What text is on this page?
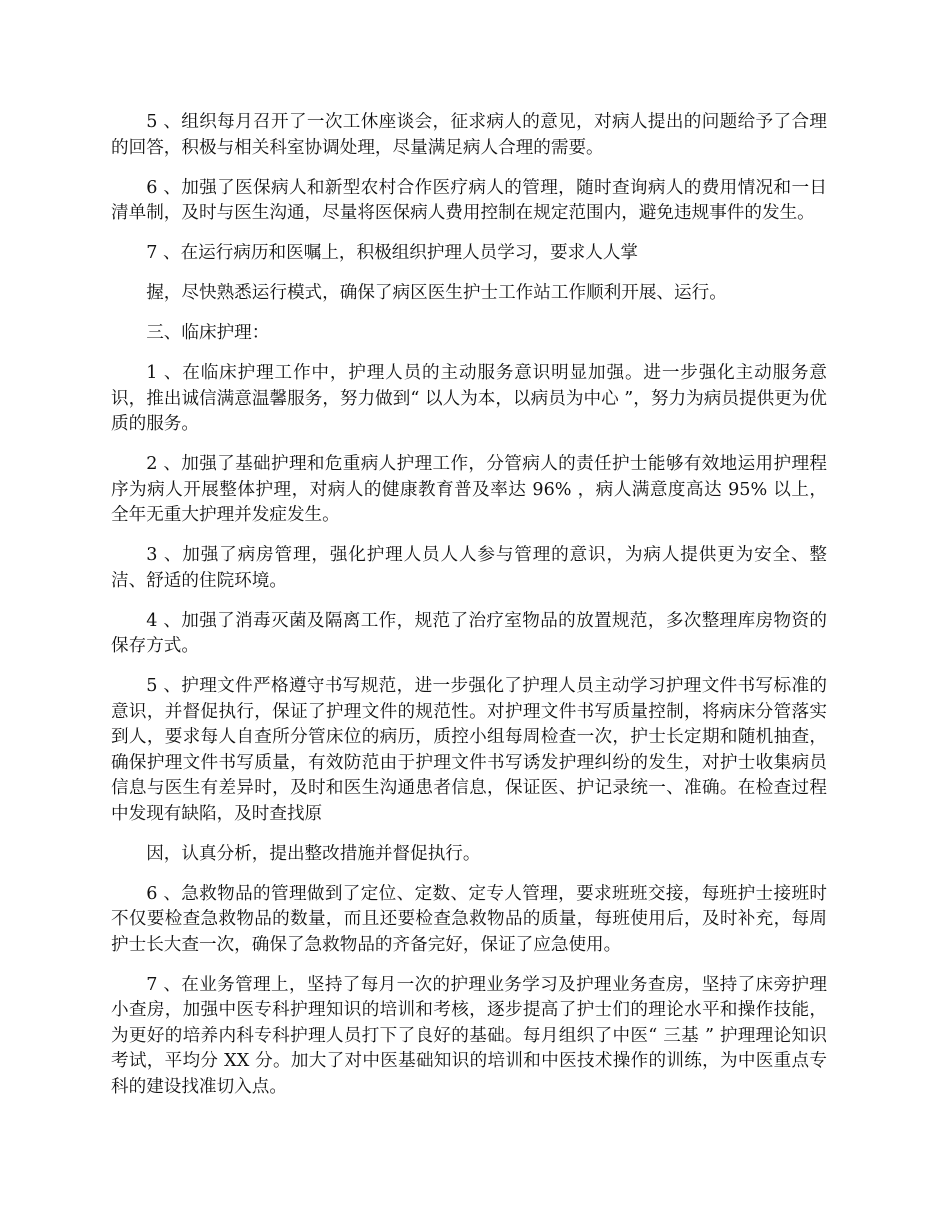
5 、组织每月召开了一次工休座谈会，征求病人的意见，对病人提出的问题给予了合理的回答，积极与相关科室协调处理，尽量满足病人合理的需要。

6 、加强了医保病人和新型农村合作医疗病人的管理，随时查询病人的费用情况和一日清单制，及时与医生沟通，尽量将医保病人费用控制在规定范围内，避免违规事件的发生。

7 、在运行病历和医嘱上，积极组织护理人员学习，要求人人掌

握，尽快熟悉运行模式，确保了病区医生护士工作站工作顺利开展、运行。

三、临床护理：

1 、在临床护理工作中，护理人员的主动服务意识明显加强。进一步强化主动服务意识，推出诚信满意温馨服务，努力做到“ 以人为本，以病员为中心 ”，努力为病员提供更为优质的服务。

2 、加强了基础护理和危重病人护理工作，分管病人的责任护士能够有效地运用护理程序为病人开展整体护理，对病人的健康教育普及率达 96% ，病人满意度高达 95% 以上，全年无重大护理并发症发生。

3 、加强了病房管理，强化护理人员人人参与管理的意识，为病人提供更为安全、整洁、舒适的住院环境。

4 、加强了消毒灭菌及隔离工作，规范了治疗室物品的放置规范，多次整理库房物资的保存方式。

5 、护理文件严格遵守书写规范，进一步强化了护理人员主动学习护理文件书写标准的意识，并督促执行，保证了护理文件的规范性。对护理文件书写质量控制，将病床分管落实到人，要求每人自查所分管床位的病历，质控小组每周检查一次，护士长定期和随机抽查，确保护理文件书写质量，有效防范由于护理文件书写诱发护理纠纷的发生，对护士收集病员信息与医生有差异时，及时和医生沟通患者信息，保证医、护记录统一、准确。在检查过程中发现有缺陷，及时查找原

因，认真分析，提出整改措施并督促执行。

6 、急救物品的管理做到了定位、定数、定专人管理，要求班班交接，每班护士接班时不仅要检查急救物品的数量，而且还要检查急救物品的质量，每班使用后，及时补充，每周护士长大查一次，确保了急救物品的齐备完好，保证了应急使用。

7 、在业务管理上，坚持了每月一次的护理业务学习及护理业务查房，坚持了床旁护理小查房，加强中医专科护理知识的培训和考核，逐步提高了护士们的理论水平和操作技能，为更好的培养内科专科护理人员打下了良好的基础。每月组织了中医“ 三基 ” 护理理论知识考试，平均分 XX 分。加大了对中医基础知识的培训和中医技术操作的训练，为中医重点专科的建设找准切入点。
